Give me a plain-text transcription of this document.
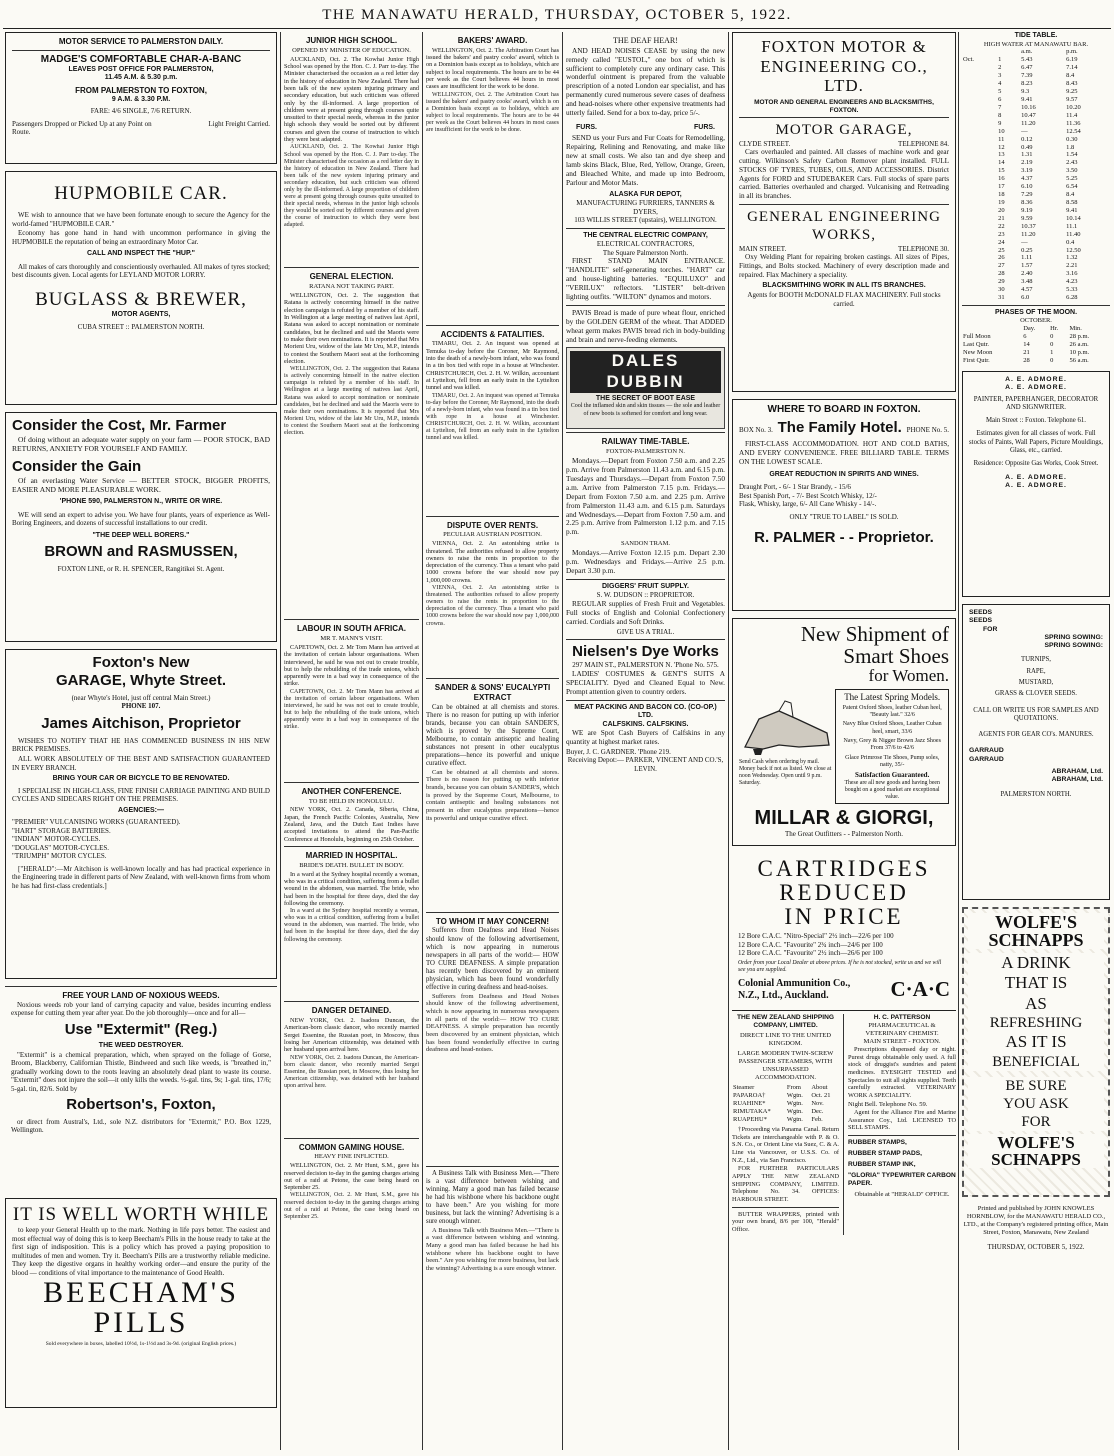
THE MANAWATU HERALD, THURSDAY, OCTOBER 5, 1922.
MOTOR SERVICE TO PALMERSTON DAILY.
MADGE'S COMFORTABLE CHAR-A-BANC
LEAVES POST OFFICE FOR PALMERSTON,
11.45 A.M. & 5.30 p.m.
FROM PALMERSTON TO FOXTON,
9 A.M. & 3.30 P.M.
FARE: 4/6 SINGLE, 7/6 RETURN.
Passengers Dropped or Picked Up at any Point on Route.
Light Freight Carried.
HUPMOBILE CAR.

WE wish to announce that we have been fortunate enough to secure the Agency for the world-famed "HUPMOBILE CAR."

Economy has gone hand in hand with uncommon performance in giving the HUPMOBILE the reputation of being an extraordinary Motor Car.

CALL AND INSPECT THE "HUP."

All makes of cars thoroughly and conscientiously overhauled. All makes of tyres stocked; best discounts given. Local agents for LEYLAND MOTOR LORRY.

BUGLASS & BREWER,
MOTOR AGENTS,
CUBA STREET :: PALMERSTON NORTH.
Consider the Cost, Mr. Farmer

Of doing without an adequate water supply on your farm — POOR STOCK, BAD RETURNS, ANXIETY FOR YOURSELF AND FAMILY.

Consider the Gain

Of an everlasting Water Service — BETTER STOCK, BIGGER PROFITS, EASIER AND MORE PLEASURABLE WORK.

'PHONE 590, PALMERSTON N., WRITE OR WIRE.

WE will send an expert to advise you. We have four plants, years of experience as Well-Boring Engineers, and dozens of successful installations to our credit.

"THE DEEP WELL BORERS."
BROWN and RASMUSSEN,
FOXTON LINE, or R. H. SPENCER, Rangitikei St. Agent.
Foxton's New
GARAGE, Whyte Street.
(near Whyte's Hotel, just off central Main Street.)
PHONE 107.
James Aitchison, Proprietor

WISHES TO NOTIFY THAT HE HAS COMMENCED BUSINESS IN HIS NEW BRICK PREMISES.

ALL WORK ABSOLUTELY OF THE BEST AND SATISFACTION GUARANTEED IN EVERY BRANCH.

BRING YOUR CAR OR BICYCLE TO BE RENOVATED.

I SPECIALISE IN HIGH-CLASS, FINE FINISH CARRIAGE PAINTING AND BUILD CYCLES AND SIDECARS RIGHT ON THE PREMISES.

AGENCIES:—
"PREMIER" VULCANISING WORKS (GUARANTEED).
"HART" STORAGE BATTERIES.
"INDIAN" MOTOR-CYCLES.
"DOUGLAS" MOTOR-CYCLES.
"TRIUMPH" MOTOR CYCLES.

["HERALD":—Mr Aitchison is well-known locally and has had practical experience in the Engineering trade in different parts of New Zealand, with well-known firms from whom he has had first-class credentials.]

FREE YOUR LAND OF NOXIOUS WEEDS.

Noxious weeds rob your land of carrying capacity and value, besides incurring endless expense for cutting them year after year. Do the job thoroughly—once and for all—

Use "Extermit" (Reg.)
THE WEED DESTROYER.

"Extermit" is a chemical preparation, which, when sprayed on the foliage of Gorse, Broom, Blackberry, Californian Thistle, Bindweed and such like weeds, is "breathed in," gradually working down to the roots leaving an absolutely dead plant to waste its course. "Extermit" does not injure the soil—it only kills the weeds. ½-gal. tins, 9s; 1-gal. tins, 17/6; 5-gal. tin, 82/6. Sold by

Robertson's, Foxton,

or direct from Austral's, Ltd., sole N.Z. distributors for "Extermit," P.O. Box 1229, Wellington.

IT IS WELL WORTH WHILE

to keep your General Health up to the mark. Nothing in life pays better. The easiest and most effectual way of doing this is to keep Beecham's Pills in the house ready to take at the first sign of indisposition. This is a policy which has proved a paying proposition to multitudes of men and women. Try it. Beecham's Pills are a trustworthy reliable medicine. They keep the digestive organs in healthy working order—and ensure the purity of the blood — conditions of vital importance to the maintenance of Good Health.

BEECHAM'S
PILLS
Sold everywhere in boxes, labelled 10½d, 1s-1½d and 3s-9d. (original English prices.)
JUNIOR HIGH SCHOOL.
OPENED BY MINISTER OF EDUCATION.

AUCKLAND, Oct. 2. The Kowhai Junior High School was opened by the Hon. C. J. Parr to-day. The Minister characterised the occasion as a red letter day in the history of education in New Zealand. There had been talk of the new system injuring primary and secondary education, but such criticism was offered only by the ill-informed. A large proportion of children were at present going through courses quite unsuited to their special needs, whereas in the junior high schools they would be sorted out by different courses and given the course of instruction to which they were best adapted.

AUCKLAND, Oct. 2. The Kowhai Junior High School was opened by the Hon. C. J. Parr to-day. The Minister characterised the occasion as a red letter day in the history of education in New Zealand. There had been talk of the new system injuring primary and secondary education, but such criticism was offered only by the ill-informed. A large proportion of children were at present going through courses quite unsuited to their special needs, whereas in the junior high schools they would be sorted out by different courses and given the course of instruction to which they were best adapted.
GENERAL ELECTION.
RATANA NOT TAKING PART.

WELLINGTON, Oct. 2. The suggestion that Ratana is actively concerning himself in the native election campaign is refuted by a member of his staff. In Wellington at a large meeting of natives last April, Ratana was asked to accept nomination or nominate candidates, but he declined and said the Maoris were to make their own nominations. It is reported that Mrs Morieni Uru, widow of the late Mr Uru, M.P., intends to contest the Southern Maori seat at the forthcoming election.

WELLINGTON, Oct. 2. The suggestion that Ratana is actively concerning himself in the native election campaign is refuted by a member of his staff. In Wellington at a large meeting of natives last April, Ratana was asked to accept nomination or nominate candidates, but he declined and said the Maoris were to make their own nominations. It is reported that Mrs Morieni Uru, widow of the late Mr Uru, M.P., intends to contest the Southern Maori seat at the forthcoming election.
LABOUR IN SOUTH AFRICA.
MR T. MANN'S VISIT.

CAPETOWN, Oct. 2. Mr Tom Mann has arrived at the invitation of certain labour organisations. When interviewed, he said he was not out to create trouble, but to help the rebuilding of the trade unions, which apparently were in a bad way in consequence of the strike.

CAPETOWN, Oct. 2. Mr Tom Mann has arrived at the invitation of certain labour organisations. When interviewed, he said he was not out to create trouble, but to help the rebuilding of the trade unions, which apparently were in a bad way in consequence of the strike.
ANOTHER CONFERENCE.
TO BE HELD IN HONOLULU.

NEW YORK, Oct. 2. Canada, Siberia, China, Japan, the French Pacific Colonies, Australia, New Zealand, Java, and the Dutch East Indies have accepted invitations to attend the Pan-Pacific Conference at Honolulu, beginning on 25th October.

MARRIED IN HOSPITAL.
BRIDE'S DEATH. BULLET IN BODY.

In a ward at the Sydney hospital recently a woman, who was in a critical condition, suffering from a bullet wound in the abdomen, was married. The bride, who had been in the hospital for three days, died the day following the ceremony.

In a ward at the Sydney hospital recently a woman, who was in a critical condition, suffering from a bullet wound in the abdomen, was married. The bride, who had been in the hospital for three days, died the day following the ceremony.
DANGER DETAINED.

NEW YORK, Oct. 2. Isadora Duncan, the American-born classic dancer, who recently married Sergei Essenine, the Russian poet, in Moscow, thus losing her American citizenship, was detained with her husband upon arrival here.

NEW YORK, Oct. 2. Isadora Duncan, the American-born classic dancer, who recently married Sergei Essenine, the Russian poet, in Moscow, thus losing her American citizenship, was detained with her husband upon arrival here.
COMMON GAMING HOUSE.
HEAVY FINE INFLICTED.

WELLINGTON, Oct. 2. Mr Hunt, S.M., gave his reserved decision to-day in the gaming charges arising out of a raid at Petone, the case being heard on September 25.

WELLINGTON, Oct. 2. Mr Hunt, S.M., gave his reserved decision to-day in the gaming charges arising out of a raid at Petone, the case being heard on September 25.
BAKERS' AWARD.

WELLINGTON, Oct. 2. The Arbitration Court has issued the bakers' and pastry cooks' award, which is on a Dominion basis except as to holidays, which are subject to local requirements. The hours are to be 44 per week as the Court believes 44 hours in most cases are insufficient for the work to be done.

WELLINGTON, Oct. 2. The Arbitration Court has issued the bakers' and pastry cooks' award, which is on a Dominion basis except as to holidays, which are subject to local requirements. The hours are to be 44 per week as the Court believes 44 hours in most cases are insufficient for the work to be done.
ACCIDENTS & FATALITIES.

TIMARU, Oct. 2. An inquest was opened at Temuka to-day before the Coroner, Mr Raymond, into the death of a newly-born infant, who was found in a tin box tied with rope in a house at Winchester. CHRISTCHURCH, Oct. 2. H. W. Wilkin, accountant at Lyttelton, fell from an early train in the Lyttelton tunnel and was killed.

TIMARU, Oct. 2. An inquest was opened at Temuka to-day before the Coroner, Mr Raymond, into the death of a newly-born infant, who was found in a tin box tied with rope in a house at Winchester. CHRISTCHURCH, Oct. 2. H. W. Wilkin, accountant at Lyttelton, fell from an early train in the Lyttelton tunnel and was killed.
DISPUTE OVER RENTS.
PECULIAR AUSTRIAN POSITION.

VIENNA, Oct. 2. An astonishing strike is threatened. The authorities refused to allow property owners to raise the rents in proportion to the depreciation of the currency. Thus a tenant who paid 1000 crowns before the war should now pay 1,000,000 crowns.

VIENNA, Oct. 2. An astonishing strike is threatened. The authorities refused to allow property owners to raise the rents in proportion to the depreciation of the currency. Thus a tenant who paid 1000 crowns before the war should now pay 1,000,000 crowns.
SANDER & SONS' EUCALYPTI EXTRACT

Can be obtained at all chemists and stores. There is no reason for putting up with inferior brands, because you can obtain SANDER'S, which is proved by the Supreme Court, Melbourne, to contain antiseptic and healing substances not present in other eucalyptus preparations—hence its powerful and unique curative effect.

Can be obtained at all chemists and stores. There is no reason for putting up with inferior brands, because you can obtain SANDER'S, which is proved by the Supreme Court, Melbourne, to contain antiseptic and healing substances not present in other eucalyptus preparations—hence its powerful and unique curative effect.
TO WHOM IT MAY CONCERN!

Sufferers from Deafness and Head Noises should know of the following advertisement, which is now appearing in numerous newspapers in all parts of the world:— HOW TO CURE DEAFNESS. A simple preparation has recently been discovered by an eminent physician, which has been found wonderfully effective in curing deafness and head-noises.

Sufferers from Deafness and Head Noises should know of the following advertisement, which is now appearing in numerous newspapers in all parts of the world:— HOW TO CURE DEAFNESS. A simple preparation has recently been discovered by an eminent physician, which has been found wonderfully effective in curing deafness and head-noises.

A Business Talk with Business Men.—"There is a vast difference between wishing and winning. Many a good man has failed because he had his wishbone where his backbone ought to have been." Are you wishing for more business, but lack the winning? Advertising is a sure enough winner.

A Business Talk with Business Men.—"There is a vast difference between wishing and winning. Many a good man has failed because he had his wishbone where his backbone ought to have been." Are you wishing for more business, but lack the winning? Advertising is a sure enough winner.
THE DEAF HEAR!

AND HEAD NOISES CEASE by using the new remedy called "EUSTOL," one box of which is sufficient to completely cure any ordinary case. This wonderful ointment is prepared from the valuable prescription of a noted London ear specialist, and has permanently cured numerous severe cases of deafness and head-noises where other expensive treatments had utterly failed. Send for a box to-day, price 5/-.

FURS.	FURS.

SEND us your Furs and Fur Coats for Remodelling, Repairing, Relining and Renovating, and make like new at small costs. We also tan and dye sheep and lamb skins Black, Blue, Red, Yellow, Orange, Green, and Bleached White, and made up into Bedroom, Parlour and Motor Mats.

ALASKA FUR DEPOT,
MANUFACTURING FURRIERS, TANNERS & DYERS,
103 WILLIS STREET (upstairs), WELLINGTON.
THE CENTRAL ELECTRIC COMPANY,
ELECTRICAL CONTRACTORS,
The Square Palmerston North.

FIRST STAND MAIN ENTRANCE. "HANDLITE" self-generating torches. "HART" car and house-lighting batteries. "EQUILUXO" and "VERILUX" reflectors. "LISTER" belt-driven lighting outfits. "WILTON" dynamos and motors.

PAVIS Bread is made of pure wheat flour, enriched by the GOLDEN GERM of the wheat. That ADDED wheat germ makes PAVIS bread rich in body-building and brain and nerve-feeding elements.

DALES DUBBIN
THE SECRET OF BOOT EASE
Cool the inflamed skin and skin tissues — the sole and leather of new boots is softened for comfort and long wear.
RAILWAY TIME-TABLE.
FOXTON-PALMERSTON N.

Mondays.—Depart from Foxton 7.50 a.m. and 2.25 p.m. Arrive from Palmerston 11.43 a.m. and 6.15 p.m. Tuesdays and Thursdays.—Depart from Foxton 7.50 a.m. Arrive from Palmerston 7.15 p.m. Fridays.—Depart from Foxton 7.50 a.m. and 2.25 p.m. Arrive from Palmerston 11.43 a.m. and 6.15 p.m. Saturdays and Wednesdays.—Depart from Foxton 7.50 a.m. and 2.25 p.m. Arrive from Palmerston 1.12 p.m. and 7.15 p.m.

SANDON TRAM.

Mondays.—Arrive Foxton 12.15 p.m. Depart 2.30 p.m. Wednesdays and Fridays.—Arrive 2.5 p.m. Depart 3.30 p.m.

DIGGERS' FRUIT SUPPLY.
S. W. DUDSON :: PROPRIETOR.

REGULAR supplies of Fresh Fruit and Vegetables. Full stocks of English and Colonial Confectionery carried. Cordials and Soft Drinks.

GIVE US A TRIAL.
Nielsen's Dye Works
297 MAIN ST., PALMERSTON N. 'Phone No. 575.

LADIES' COSTUMES & GENT'S SUITS A SPECIALITY. Dyed and Cleaned Equal to New. Prompt attention given to country orders.

MEAT PACKING AND BACON CO. (CO-OP.) LTD.
CALFSKINS. CALFSKINS.

WE are Spot Cash Buyers of Calfskins in any quantity at highest market rates.

Buyer, J. C. GARDNER. 'Phone 219.
Receiving Depot:— PARKER, VINCENT AND CO.'S, LEVIN.
FOXTON MOTOR & ENGINEERING CO., LTD.
MOTOR AND GENERAL ENGINEERS AND BLACKSMITHS, FOXTON.
MOTOR GARAGE,
CLYDE STREET.	TELEPHONE 84.

Cars overhauled and painted. All classes of machine work and gear cutting. Wilkinson's Safety Carbon Remover plant installed. FULL STOCKS OF TYRES, TUBES, OILS, AND ACCESSORIES. District Agents for FORD and STUDEBAKER Cars. Full stocks of spare parts carried. Batteries overhauled and charged. Vulcanising and Retreading in all its branches.

GENERAL ENGINEERING WORKS,
MAIN STREET.	TELEPHONE 30.

Oxy Welding Plant for repairing broken castings. All sizes of Pipes, Fittings, and Bolts stocked. Machinery of every description made and repaired. Flax Machinery a speciality.

BLACKSMITHING WORK IN ALL ITS BRANCHES.
Agents for BOOTH McDONALD FLAX MACHINERY. Full stocks carried.
WHERE TO BOARD IN FOXTON.
BOX No. 3. The Family Hotel. PHONE No. 5.

FIRST-CLASS ACCOMMODATION. HOT AND COLD BATHS, AND EVERY CONVENIENCE. FREE BILLIARD TABLE. TERMS ON THE LOWEST SCALE.

GREAT REDUCTION IN SPIRITS AND WINES.
Draught Port, - 6/- 1 Star Brandy, - 15/6
Best Spanish Port, - 7/- Best Scotch Whisky, 12/-
Flask, Whisky, large, 6/- All Cane Whisky - 14/-.
ONLY "TRUE TO LABEL" IS SOLD.
R. PALMER - - Proprietor.
New Shipment of
Smart Shoes
for Women.
Send Cash when ordering by mail. Money back if not as listed. We close at noon Wednesday. Open until 9 p.m. Saturday.
The Latest Spring Models.
Patent Oxford Shoes, leather Cuban heel, "Beauty last." 32/6
Navy Blue Oxford Shoes, Leather Cuban heel, smart, 33/6
Navy, Grey & Nigger Brown Jazz Shoes From 37/6 to 42/6
Glace Primrose Tie Shoes, Pump soles, natty, 35/-
Satisfaction Guaranteed.
These are all new goods and having been bought on a good market are exceptional value.
MILLAR & GIORGI,
The Great Outfitters - - Palmerston North.
CARTRIDGES
REDUCED
IN PRICE
12 Bore C.A.C. "Nitro-Special" 2½ inch—22/6 per 100
12 Bore C.A.C. "Favourite" 2¾ inch—24/6 per 100
12 Bore C.A.C. "Favourite" 2½ inch—26/6 per 100
Order from your Local Dealer at above prices. If he is not stocked, write us and we will see you are supplied.
Colonial Ammunition Co., N.Z., Ltd., Auckland.	C·A·C
THE NEW ZEALAND SHIPPING COMPANY, LIMITED.
DIRECT LINE TO THE UNITED KINGDOM.
LARGE MODERN TWIN-SCREW PASSENGER STEAMERS, WITH UNSURPASSED ACCOMMODATION.
Steamer	From	About
PAPAROA†	Wgtn.	Oct. 21
RUAHINE*	Wgtn.	Nov.
RIMUTAKA*	Wgtn.	Dec.
RUAPEHU*	Wgtn.	Feb.

†Proceeding via Panama Canal. Return Tickets are interchangeable with P. & O. S.N. Co., or Orient Line via Suez, C. & A. Line via Vancouver, or U.S.S. Co. of N.Z., Ltd., via San Francisco.

FOR FURTHER PARTICULARS APPLY THE NEW ZEALAND SHIPPING COMPANY, LIMITED. Telephone No. 34. OFFICES: HARBOUR STREET.

BUTTER WRAPPERS, printed with your own brand, 8/6 per 100, "Herald" Office.

H. C. PATTERSON
PHARMACEUTICAL & VETERINARY CHEMIST.
MAIN STREET - FOXTON.

Prescriptions dispensed day or night. Purest drugs obtainable only used. A full stock of druggist's sundries and patent medicines. EYESIGHT TESTED and Spectacles to suit all sights supplied. Teeth carefully extracted. VETERINARY WORK A SPECIALITY.

Night Bell. Telephone No. 59.

Agent for the Alliance Fire and Marine Assurance Coy., Ltd. LICENSED TO SELL STAMPS.

RUBBER STAMPS,
RUBBER STAMP PADS,
RUBBER STAMP INK,
"GLORIA" TYPEWRITER CARBON PAPER.
Obtainable at "HERALD" OFFICE.
TIDE TABLE.
HIGH WATER AT MANAWATU BAR.
		a.m.	p.m.
Oct.	1	5.43	6.19
	2	6.47	7.14
	3	7.39	8.4
	4	8.23	8.43
	5	9.3	9.25
	6	9.41	9.57
	7	10.16	10.20
	8	10.47	11.4
	9	11.20	11.36
	10	—	12.54
	11	0.12	0.30
	12	0.49	1.8
	13	1.31	1.54
	14	2.19	2.43
	15	3.19	3.50
	16	4.37	5.25
	17	6.10	6.54
	18	7.29	8.4
	19	8.36	8.58
	20	9.19	9.41
	21	9.59	10.14
	22	10.37	11.1
	23	11.20	11.40
	24	—	0.4
	25	0.25	12.50
	26	1.11	1.32
	27	1.57	2.21
	28	2.40	3.16
	29	3.48	4.23
	30	4.57	5.33
	31	6.0	6.28
PHASES OF THE MOON.
OCTOBER.
	Day.	Hr.	Min.
Full Moon	6	0	28 p.m.
Last Qutr.	14	0	26 a.m.
New Moon	21	1	10 p.m.
First Qutr.	28	0	56 a.m.
A. E. ADMORE.
A. E. ADMORE.
PAINTER, PAPERHANGER, DECORATOR AND SIGNWRITER.
Main Street :: Foxton. Telephone 61.
Estimates given for all classes of work. Full stocks of Paints, Wall Papers, Picture Mouldings, Glass, etc., carried.
Residence: Opposite Gas Works, Cook Street.
A. E. ADMORE.
A. E. ADMORE.
SEEDS
SEEDS
FOR
SPRING SOWING:
SPRING SOWING:
TURNIPS,
RAPE,
MUSTARD,
GRASS & CLOVER SEEDS.
CALL OR WRITE US FOR SAMPLES AND QUOTATIONS.
AGENTS FOR GEAR CO's. MANURES.
GARRAUD
GARRAUD
ABRAHAM, Ltd.
ABRAHAM, Ltd.
PALMERSTON NORTH.
WOLFE'S SCHNAPPS
A DRINK
THAT IS
AS
REFRESHING
AS IT IS
BENEFICIAL
BE SURE
YOU ASK
FOR
WOLFE'S SCHNAPPS
Printed and published by JOHN KNOWLES HORNBLOW, for the MANAWATU HERALD CO., LTD., at the Company's registered printing office, Main Street, Foxton, Manawatu, New Zealand
THURSDAY, OCTOBER 5, 1922.
